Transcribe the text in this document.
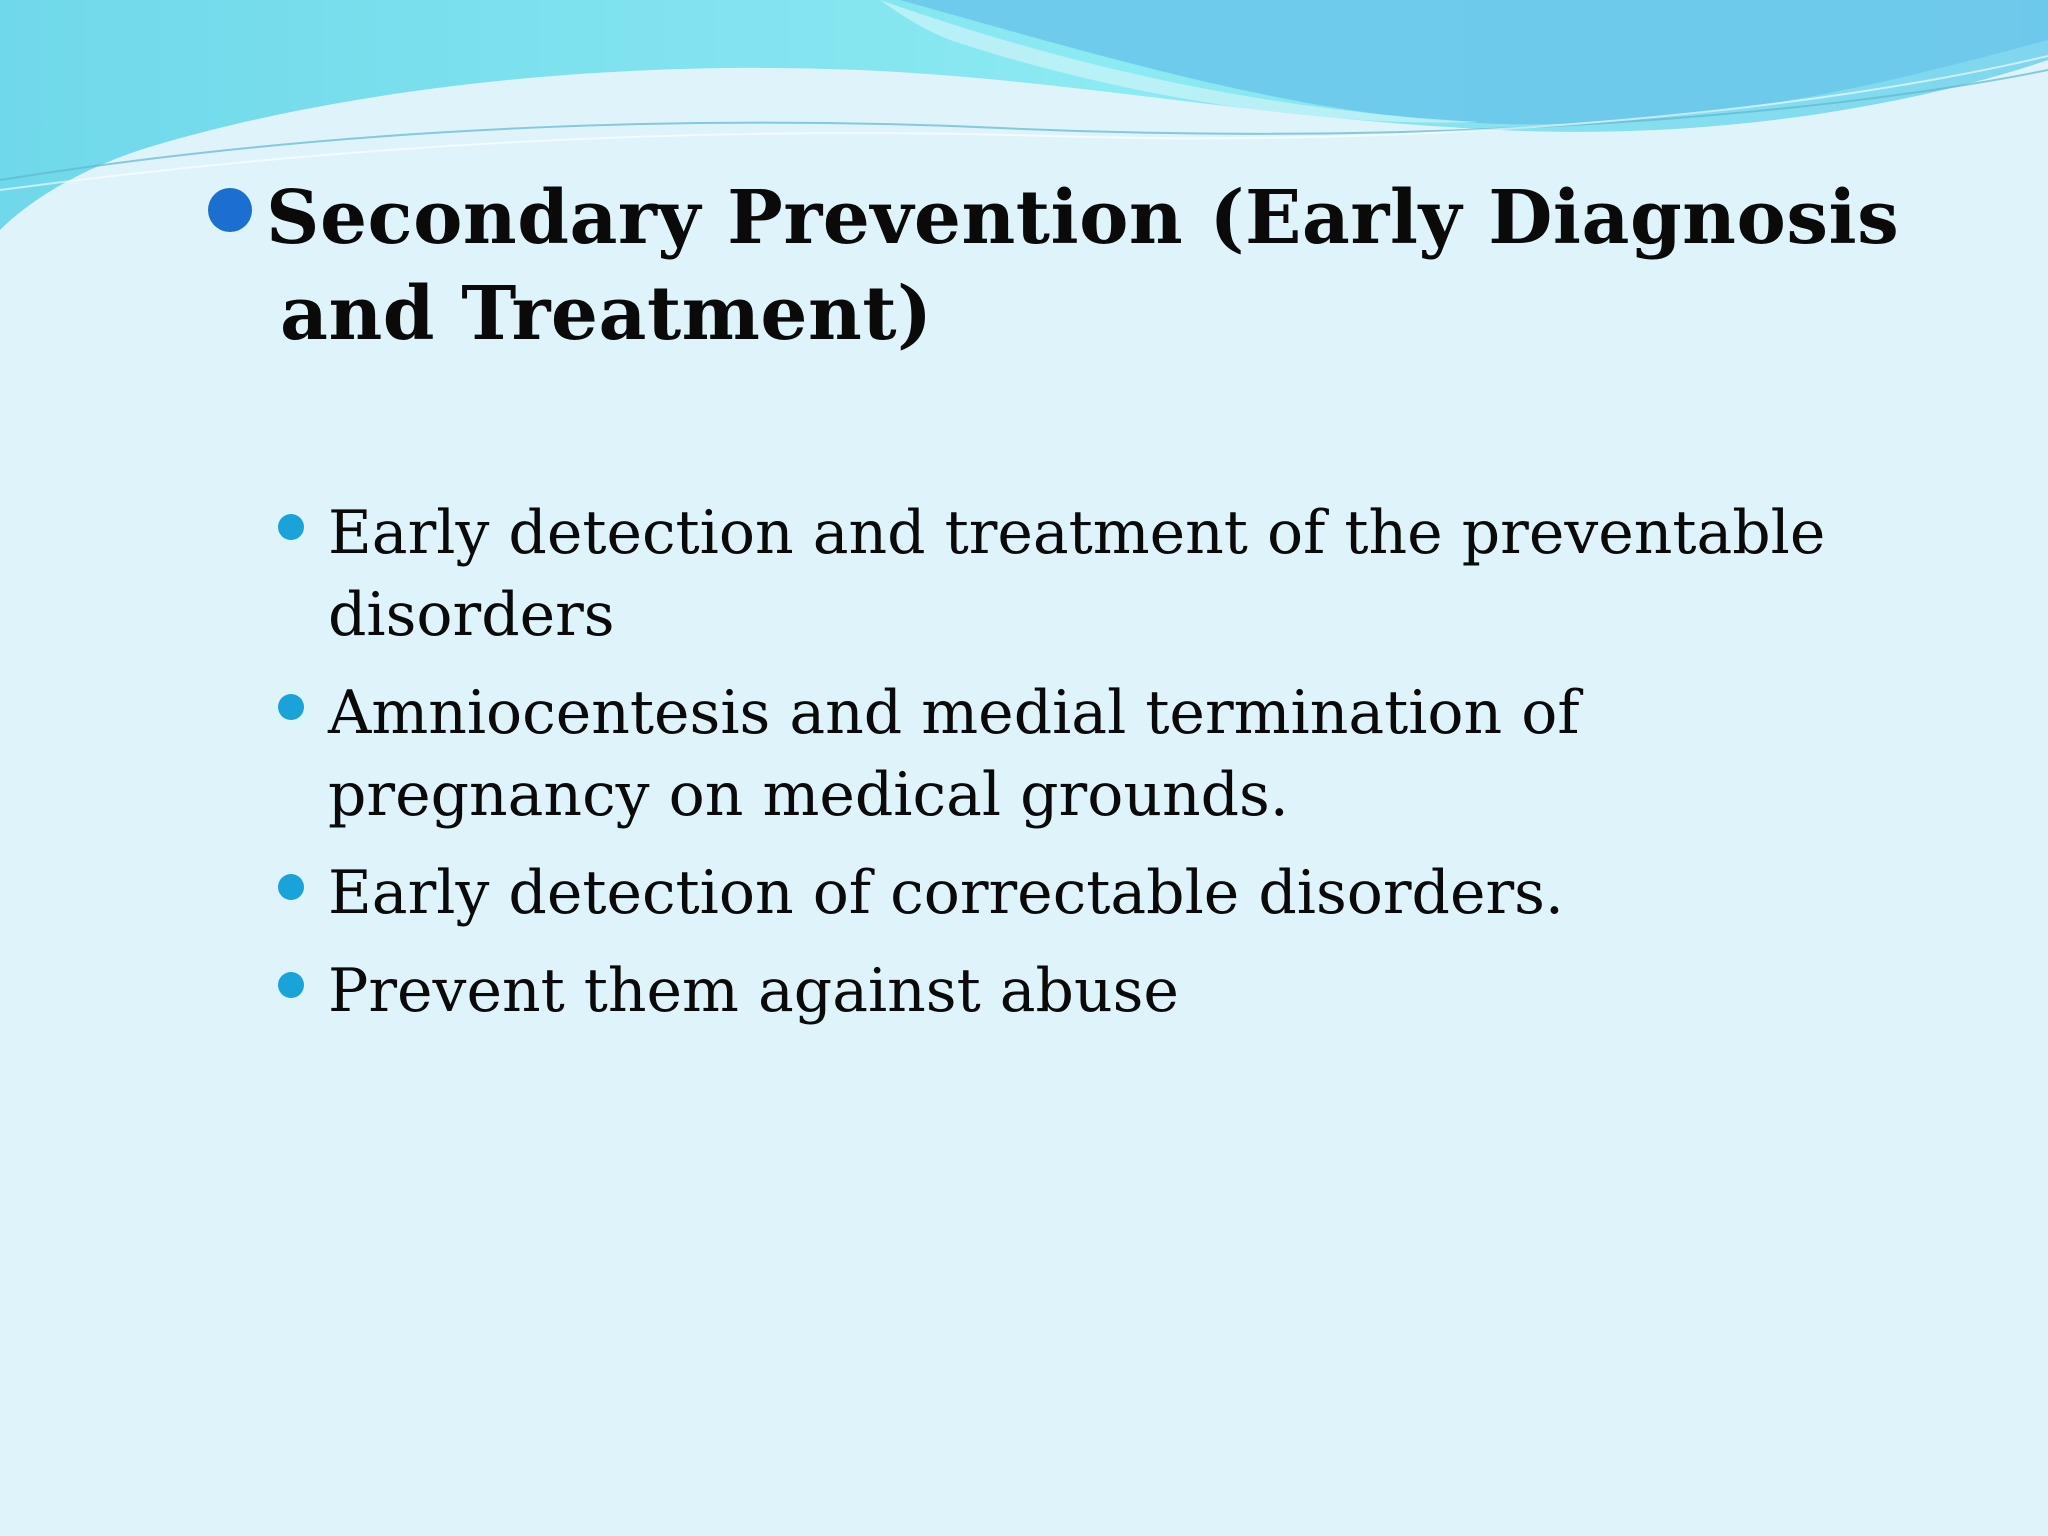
Secondary Prevention (Early Diagnosis and Treatment)
Early detection and treatment of the preventable disorders
Amniocentesis and medial termination of pregnancy on medical grounds.
Early detection of correctable disorders.
Prevent them against abuse
